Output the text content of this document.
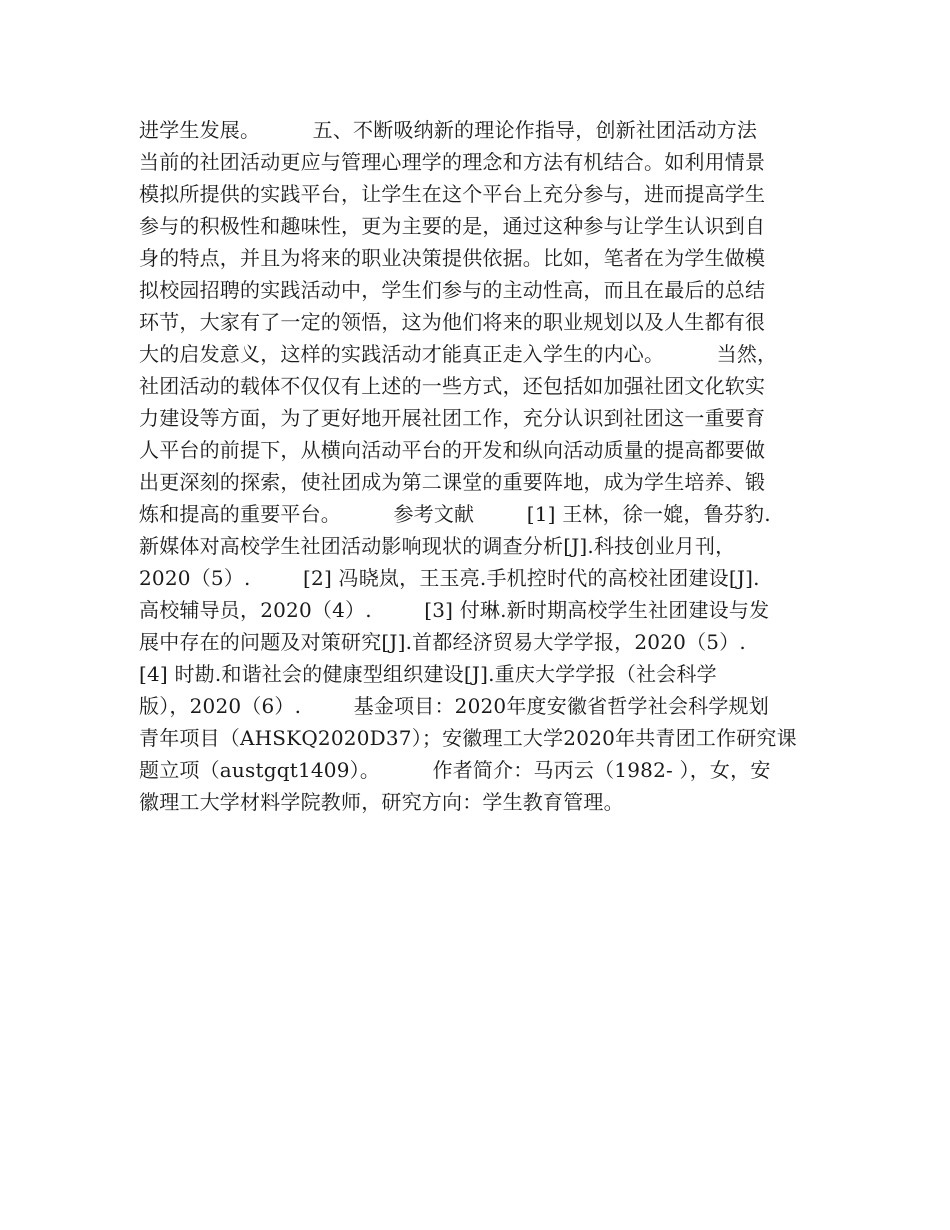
进学生发展。        五、不断吸纳新的理论作指导，创新社团活动方法
当前的社团活动更应与管理心理学的理念和方法有机结合。如利用情景
模拟所提供的实践平台，让学生在这个平台上充分参与，进而提高学生
参与的积极性和趣味性，更为主要的是，通过这种参与让学生认识到自
身的特点，并且为将来的职业决策提供依据。比如，笔者在为学生做模
拟校园招聘的实践活动中，学生们参与的主动性高，而且在最后的总结
环节，大家有了一定的领悟，这为他们将来的职业规划以及人生都有很
大的启发意义，这样的实践活动才能真正走入学生的内心。        当然，
社团活动的载体不仅仅有上述的一些方式，还包括如加强社团文化软实
力建设等方面，为了更好地开展社团工作，充分认识到社团这一重要育
人平台的前提下，从横向活动平台的开发和纵向活动质量的提高都要做
出更深刻的探索，使社团成为第二课堂的重要阵地，成为学生培养、锻
炼和提高的重要平台。        参考文献        [1] 王林，徐一媲，鲁芬豹.
新媒体对高校学生社团活动影响现状的调查分析[J].科技创业月刊，
2020（5）.        [2] 冯晓岚，王玉亮.手机控时代的高校社团建设[J].
高校辅导员，2020（4）.        [3] 付琳.新时期高校学生社团建设与发
展中存在的问题及对策研究[J].首都经济贸易大学学报，2020（5）.
[4] 时勘.和谐社会的健康型组织建设[J].重庆大学学报（社会科学
版），2020（6）.        基金项目：2020年度安徽省哲学社会科学规划
青年项目（AHSKQ2020D37）；安徽理工大学2020年共青团工作研究课
题立项（austgqt1409）。        作者简介：马丙云（1982- ），女，安
徽理工大学材料学院教师，研究方向：学生教育管理。
